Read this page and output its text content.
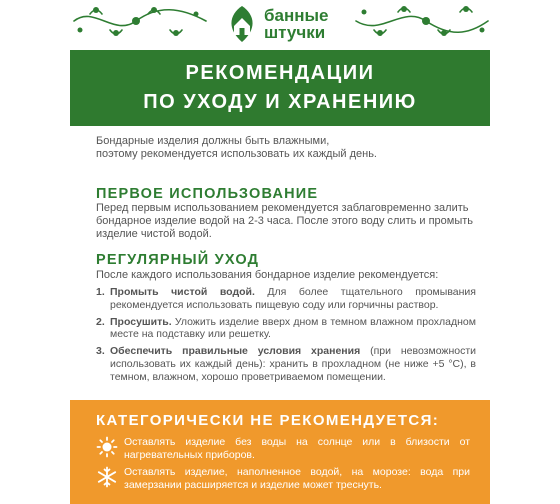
банные
штучки
РЕКОМЕНДАЦИИ
ПО УХОДУ И ХРАНЕНИЮ
Бондарные изделия должны быть влажными,
поэтому рекомендуется использовать их каждый день.
ПЕРВОЕ ИСПОЛЬЗОВАНИЕ
Перед первым использованием рекомендуется заблаговременно залить бондарное изделие водой на 2-3 часа. После этого воду слить и промыть изделие чистой водой.
РЕГУЛЯРНЫЙ УХОД
После каждого использования бондарное изделие рекомендуется:
1. Промыть чистой водой. Для более тщательного промывания рекомендуется использовать пищевую соду или горчичны раствор.
2. Просушить. Уложить изделие вверх дном в темном влажном прохладном месте на подставку или решетку.
3. Обеспечить правильные условия хранения (при невозможности использовать их каждый день): хранить в прохладном (не ниже +5 °С), в темном, влажном, хорошо проветриваемом помещении.
КАТЕГОРИЧЕСКИ НЕ РЕКОМЕНДУЕТСЯ:
Оставлять изделие без воды на солнце или в близости от нагревательных приборов.
Оставлять изделие, наполненное водой, на морозе: вода при замерзании расширяется и изделие может треснуть.
